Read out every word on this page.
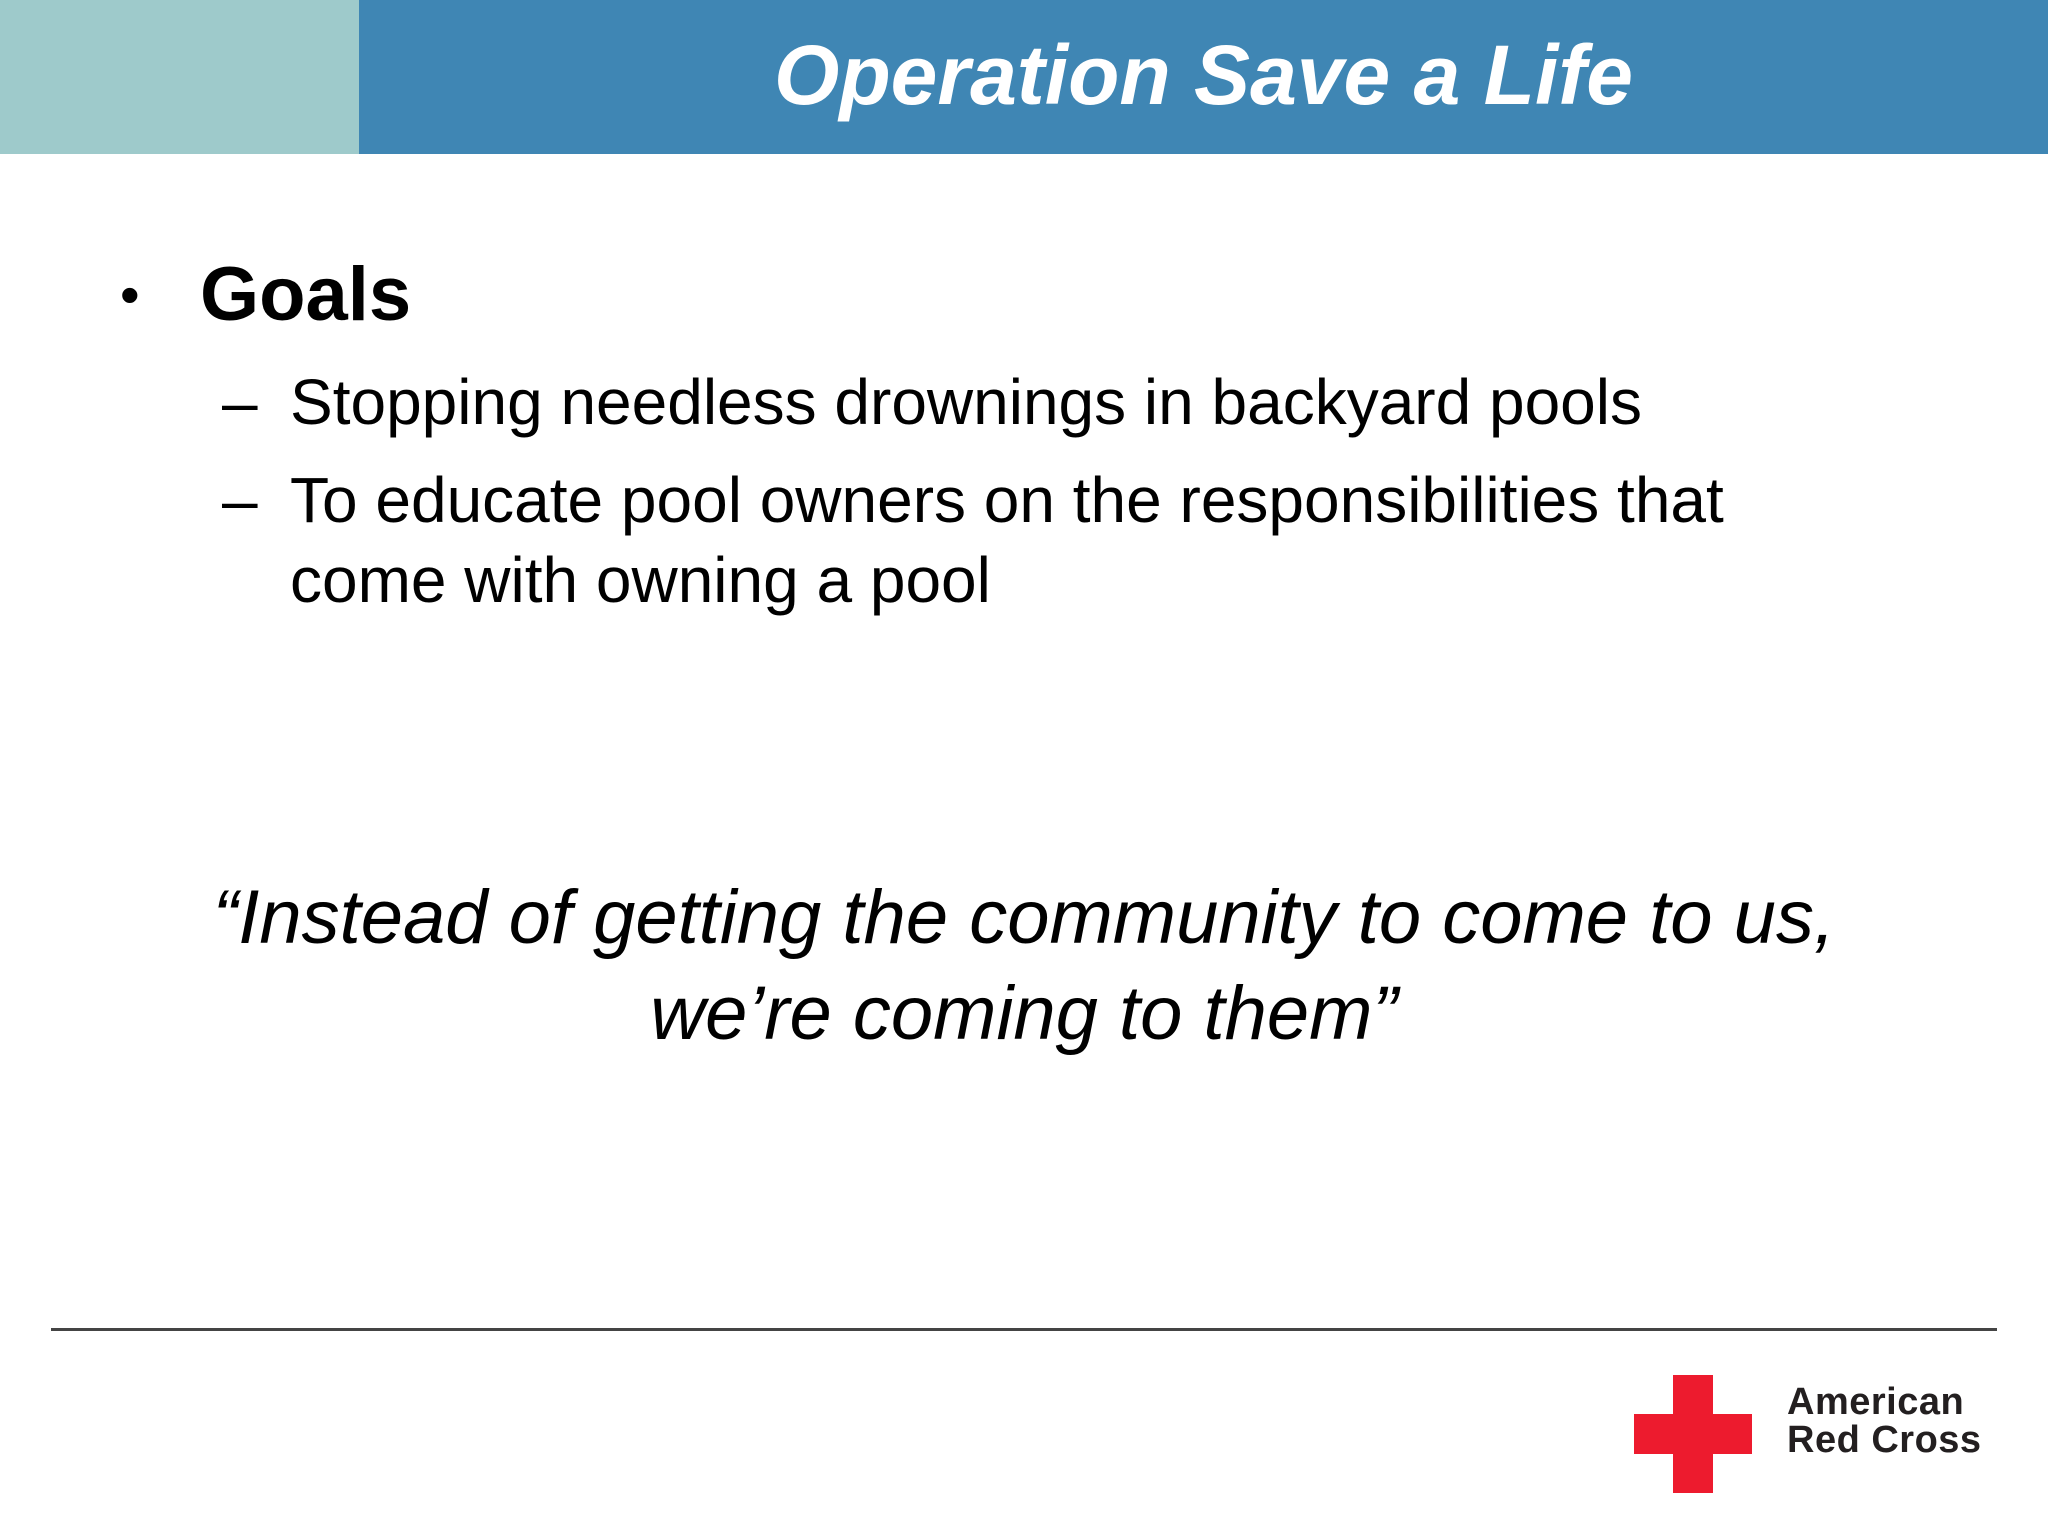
Operation Save a Life
• Goals
– Stopping needless drownings in backyard pools
– To educate pool owners on the responsibilities that
come with owning a pool
“Instead of getting the community to come to us,
we’re coming to them”
American
Red Cross
